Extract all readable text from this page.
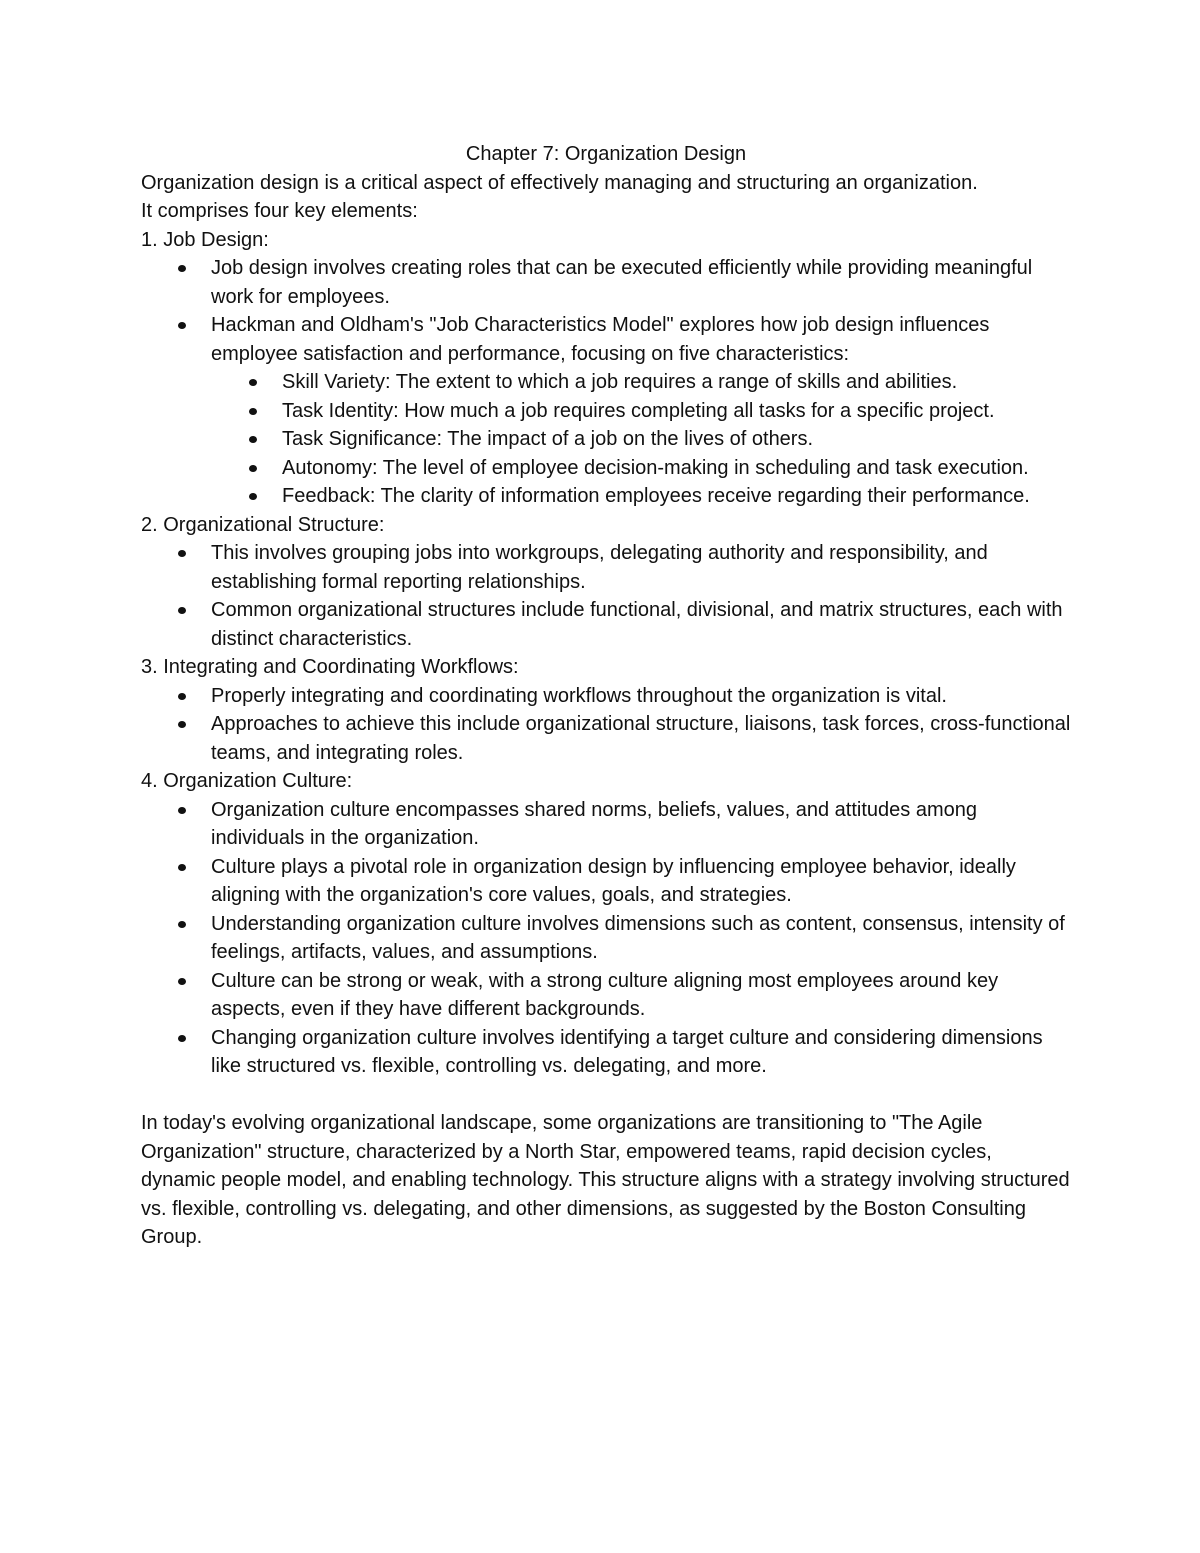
Chapter 7: Organization Design

Organization design is a critical aspect of effectively managing and structuring an organization.

It comprises four key elements:

1. Job Design:

Job design involves creating roles that can be executed efficiently while providing meaningful work for employees.
Hackman and Oldham's "Job Characteristics Model" explores how job design influences employee satisfaction and performance, focusing on five characteristics:
Skill Variety: The extent to which a job requires a range of skills and abilities.
Task Identity: How much a job requires completing all tasks for a specific project.
Task Significance: The impact of a job on the lives of others.
Autonomy: The level of employee decision-making in scheduling and task execution.
Feedback: The clarity of information employees receive regarding their performance.

2. Organizational Structure:

This involves grouping jobs into workgroups, delegating authority and responsibility, and establishing formal reporting relationships.
Common organizational structures include functional, divisional, and matrix structures, each with distinct characteristics.

3. Integrating and Coordinating Workflows:

Properly integrating and coordinating workflows throughout the organization is vital.
Approaches to achieve this include organizational structure, liaisons, task forces, cross-functional teams, and integrating roles.

4. Organization Culture:

Organization culture encompasses shared norms, beliefs, values, and attitudes among individuals in the organization.
Culture plays a pivotal role in organization design by influencing employee behavior, ideally aligning with the organization's core values, goals, and strategies.
Understanding organization culture involves dimensions such as content, consensus, intensity of feelings, artifacts, values, and assumptions.
Culture can be strong or weak, with a strong culture aligning most employees around key aspects, even if they have different backgrounds.
Changing organization culture involves identifying a target culture and considering dimensions like structured vs. flexible, controlling vs. delegating, and more.

In today's evolving organizational landscape, some organizations are transitioning to "The Agile Organization" structure, characterized by a North Star, empowered teams, rapid decision cycles, dynamic people model, and enabling technology. This structure aligns with a strategy involving structured vs. flexible, controlling vs. delegating, and other dimensions, as suggested by the Boston Consulting Group.
